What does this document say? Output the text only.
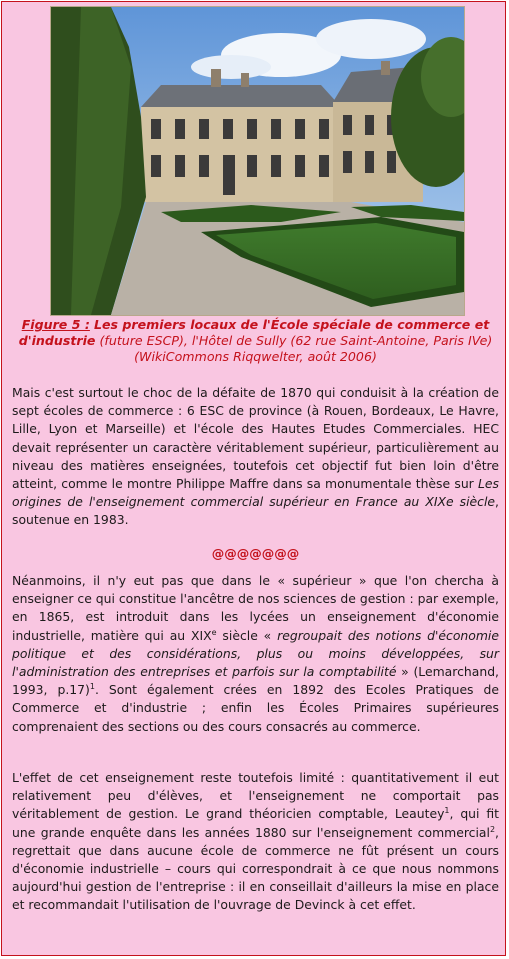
Figure 5 : Les premiers locaux de l'École spéciale de commerce et d'industrie (future ESCP), l'Hôtel de Sully (62 rue Saint-Antoine, Paris IVe) (WikiCommons Riqqwelter, août 2006)

Mais c'est surtout le choc de la défaite de 1870 qui conduisit à la création de sept écoles de commerce : 6 ESC de province (à Rouen, Bordeaux, Le Havre, Lille, Lyon et Marseille) et l'école des Hautes Etudes Commerciales. HEC devait représenter un caractère véritablement supérieur, particulièrement au niveau des matières enseignées, toutefois cet objectif fut bien loin d'être atteint, comme le montre Philippe Maffre dans sa monumentale thèse sur Les origines de l'enseignement commercial supérieur en France au XIXe siècle, soutenue en 1983.

@@@@@@@

Néanmoins, il n'y eut pas que dans le « supérieur » que l'on chercha à enseigner ce qui constitue l'ancêtre de nos sciences de gestion : par exemple, en 1865, est introduit dans les lycées un enseignement d'économie industrielle, matière qui au XIXe siècle « regroupait des notions d'économie politique et des considérations, plus ou moins développées, sur l'administration des entreprises et parfois sur la comptabilité » (Lemarchand, 1993, p.17)$^1$. Sont également crées en 1892 des Ecoles Pratiques de Commerce et d'industrie ; enfin les Écoles Primaires supérieures comprenaient des sections ou des cours consacrés au commerce.

L'effet de cet enseignement reste toutefois limité : quantitativement il eut relativement peu d'élèves, et l'enseignement ne comportait pas véritablement de gestion. Le grand théoricien comptable, Leautey$^1$, qui fit une grande enquête dans les années 1880 sur l'enseignement commercial$^2$, regrettait que dans aucune école de commerce ne fût présent un cours d'économie industrielle – cours qui correspondrait à ce que nous nommons aujourd'hui gestion de l'entreprise : il en conseillait d'ailleurs la mise en place et recommandait l'utilisation de l'ouvrage de Devinck à cet effet.
